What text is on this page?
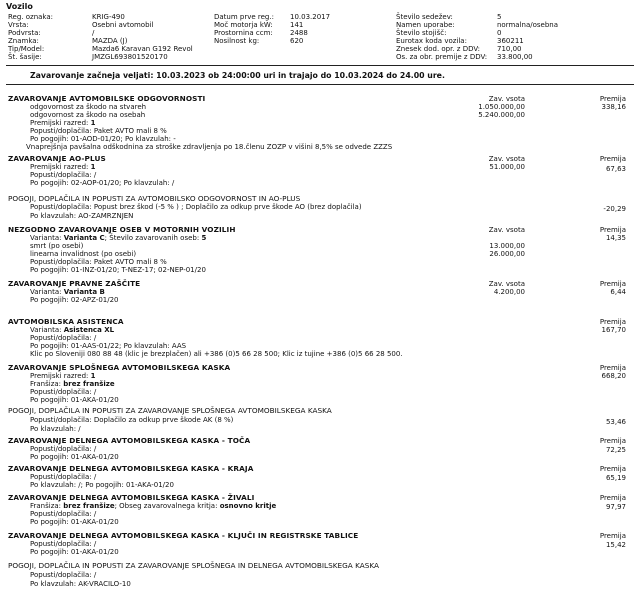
Vozilo
Reg. oznaka:	KRIG-490
Vrsta:	Osebni avtomobil
Podvrsta:	/
Znamka:	MAZDA (J)
Tip/Model:	Mazda6 Karavan G192 Revol
Št. šasije:	JMZGL693801520170
Datum prve reg.: 10.03.2017
Moč motorja kW: 141
Prostornina ccm: 2488
Nosilnost kg:	620
Število sedežev:	5
Namen uporabe:	normalna/osebna
Število stojišč:	0
Eurotax koda vozila:	360211
Znesek dod. opr. z DDV: 710,00
Os. za obr. premije z DDV: 33.800,00
Zavarovanje začneja veljati: 10.03.2023 ob 24:00:00 uri in trajajo do 10.03.2024 do 24.00 ure.
ZAVAROVANJE AVTOMOBILSKE ODGOVORNOSTI	Zav. vsota	Premija
odgovornost za škodo na stvareh	1.050.000,00	338,16
odgovornost za škodo na osebah	5.240.000,00
Premijski razred: 1
Popusti/doplačila: Paket AVTO mali 8 %
Po pogojih: 01-AOD-01/20; Po klavzulah: -
Vnaprejšnja pavšalna odškodnina za stroške zdravljenja po 18.členu ZOZP v višini 8,5% se odvede ZZZS
ZAVAROVANJE AO-PLUS	Zav. vsota	Premija
Premijski razred: 1	51.000,00	67,63
Popusti/doplačila: /
Po pogojih: 02-AOP-01/20; Po klavzulah: /
POGOJI, DOPLAČILA IN POPUSTI ZA AVTOMOBILSKO ODGOVORNOST IN AO-PLUS
Popusti/doplačila: Popust brez škod (-5 % ) ; Doplačilo za odkup prve škode AO (brez doplačila)	-20,29
Po klavzulah: AO-ZAMRZNJEN
NEZGODNO ZAVAROVANJE OSEB V MOTORNIH VOZILIH	Zav. vsota	Premija
Varianta: Varianta C; Število zavarovanih oseb: 5	14,35
smrt (po osebi)	13.000,00
linearna invalidnost (po osebi)	26.000,00
Popusti/doplačila: Paket AVTO mali 8 %
Po pogojih: 01-INZ-01/20; T-NEZ-17; 02-NEP-01/20
ZAVAROVANJE PRAVNE ZAŠČITE	Zav. vsota	Premija
Varianta: Varianta B	4.200,00	6,44
Po pogojih: 02-APZ-01/20
AVTOMOBILSKA ASISTENCA	Premija
Varianta: Asistenca XL	167,70
Popusti/doplačila: /
Po pogojih: 01-AAS-01/22; Po klavzulah: AAS
Klic po Sloveniji 080 88 48 (klic je brezplačen) ali +386 (0)5 66 28 500; Klic iz tujine +386 (0)5 66 28 500.
ZAVAROVANJE SPLOŠNEGA AVTOMOBILSKEGA KASKA	Premija
Premijski razred: 1	668,20
Franšiza: brez franšize
Popusti/doplačila: /
Po pogojih: 01-AKA-01/20
POGOJI, DOPLAČILA IN POPUSTI ZA ZAVAROVANJE SPLOŠNEGA AVTOMOBILSKEGA KASKA
Popusti/doplačila: Doplačilo za odkup prve škode AK (8 %)	53,46
Po klavzulah: /
ZAVAROVANJE DELNEGA AVTOMOBILSKEGA KASKA - TOČA	Premija
Popusti/doplačila: /	72,25
Po pogojih: 01-AKA-01/20
ZAVAROVANJE DELNEGA AVTOMOBILSKEGA KASKA - KRAJA	Premija
Popusti/doplačila: /	65,19
Po klavzulah: /; Po pogojih: 01-AKA-01/20
ZAVAROVANJE DELNEGA AVTOMOBILSKEGA KASKA - ŽIVALI	Premija
Franšiza: brez franšize; Obseg zavarovalnega kritja: osnovno kritje	97,97
Popusti/doplačila: /
Po pogojih: 01-AKA-01/20
ZAVAROVANJE DELNEGA AVTOMOBILSKEGA KASKA - KLJUČI IN REGISTRSKE TABLICE	Premija
Popusti/doplačila: /	15,42
Po pogojih: 01-AKA-01/20
POGOJI, DOPLAČILA IN POPUSTI ZA ZAVAROVANJE SPLOŠNEGA IN DELNEGA AVTOMOBILSKEGA KASKA
Popusti/doplačila: /
Po klavzulah: AK-VRACILO-10
